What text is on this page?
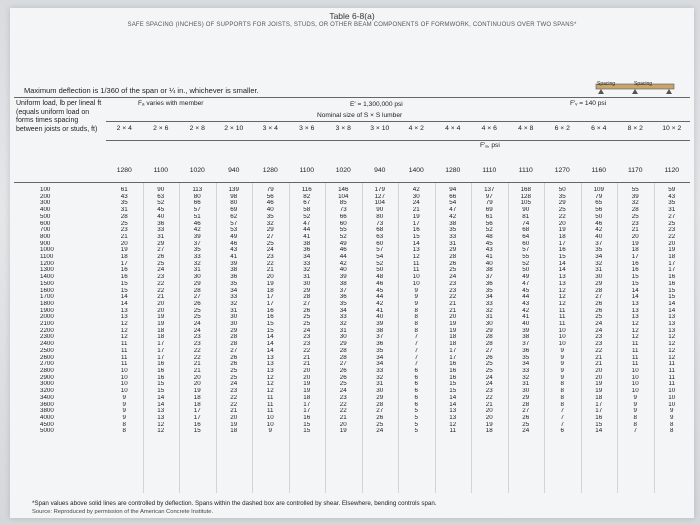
Table 6-8(a)
SAFE SPACING (INCHES) OF SUPPORTS FOR JOISTS, STUDS, OR OTHER BEAM COMPONENTS OF FORMWORK, CONTINUOUS OVER TWO SPANS*
Maximum deflection is 1/360 of the span or ¼ in., whichever is smaller.
Spacing	Spacing
Uniform load, lb per lineal ft (equals uniform load on forms times spacing between joists or studs, ft)
Fₐ varies with member	E′ = 1,300,000 psi
Nominal size of S × S lumber
F′ᵥ = 140 psi
2 × 4	2 × 6	2 × 8	2 × 10	3 × 4	3 × 6	3 × 8	3 × 10	4 × 2	4 × 4	4 × 6	4 × 8	6 × 2	6 × 4	8 × 2	10 × 2
F′ₐ, psi
1280	1100	1020	940	1280	1100	1020	940	1400	1280	1110	1110	1270	1160	1170	1120
100	61	90	113	139	79	116	146	179	42	94	137	168	50	109	55	59
200	43	63	80	98	56	82	104	127	30	66	97	128	35	79	39	43
300	35	52	66	80	46	67	85	104	24	54	79	105	29	65	32	35
400	31	45	57	69	40	58	73	90	21	47	69	90	25	56	28	31
500	28	40	51	62	35	52	66	80	19	42	61	81	22	50	25	27
600	25	36	46	57	32	47	60	73	17	38	56	74	20	46	23	25
700	23	33	42	53	29	44	55	68	16	35	52	68	19	42	21	23
800	21	31	39	49	27	41	52	63	15	33	48	64	18	40	20	22
900	20	29	37	46	25	38	49	60	14	31	45	60	17	37	19	20
1000	19	27	35	43	24	36	46	57	13	29	43	57	16	35	18	19
1100	18	26	33	41	23	34	44	54	12	28	41	55	15	34	17	18
1200	17	25	32	39	22	33	42	52	11	26	40	52	14	32	16	17
1300	16	24	31	38	21	32	40	50	11	25	38	50	14	31	16	17
1400	16	23	30	36	20	31	39	48	10	24	37	49	13	30	15	16
1500	15	22	29	35	19	30	38	46	10	23	36	47	13	29	15	16
1600	15	22	28	34	18	29	37	45	9	23	35	45	12	28	14	15
1700	14	21	27	33	17	28	36	44	9	22	34	44	12	27	14	15
1800	14	20	26	32	17	27	35	42	9	21	33	43	12	26	13	14
1900	13	20	25	31	16	26	34	41	8	21	32	42	11	26	13	14
2000	13	19	25	30	16	25	33	40	8	20	31	41	11	25	13	13
2100	12	19	24	30	15	25	32	39	8	19	30	40	11	24	12	13
2200	12	18	24	29	15	24	31	38	8	19	29	39	10	24	12	13
2300	12	18	23	28	14	23	30	37	7	18	28	38	10	23	12	12
2400	11	17	23	28	14	23	29	36	7	18	28	37	10	23	11	12
2500	11	17	22	27	14	22	28	35	7	17	27	36	9	22	11	12
2600	11	17	22	26	13	21	28	34	7	17	26	35	9	21	11	12
2700	11	16	21	26	13	21	27	34	7	16	25	34	9	21	11	11
2800	10	16	21	25	13	20	26	33	6	16	25	33	9	20	10	11
2900	10	16	20	25	12	20	26	32	6	16	24	32	9	20	10	11
3000	10	15	20	24	12	19	25	31	6	15	24	31	8	19	10	11
3200	10	15	19	23	12	19	24	30	6	15	23	30	8	19	10	10
3400	9	14	18	22	11	18	23	29	6	14	22	29	8	18	9	10
3600	9	14	18	22	11	17	22	28	6	14	21	28	8	17	9	10
3800	9	13	17	21	11	17	22	27	5	13	20	27	7	17	9	9
4000	9	13	17	20	10	16	21	26	5	13	20	26	7	16	8	9
4500	8	12	16	19	10	15	20	25	5	12	19	25	7	15	8	8
5000	8	12	15	18	9	15	19	24	5	11	18	24	6	14	7	8
*Span values above solid lines are controlled by deflection. Spans within the dashed box are controlled by shear. Elsewhere, bending controls span.
Source: Reproduced by permission of the American Concrete Institute.
